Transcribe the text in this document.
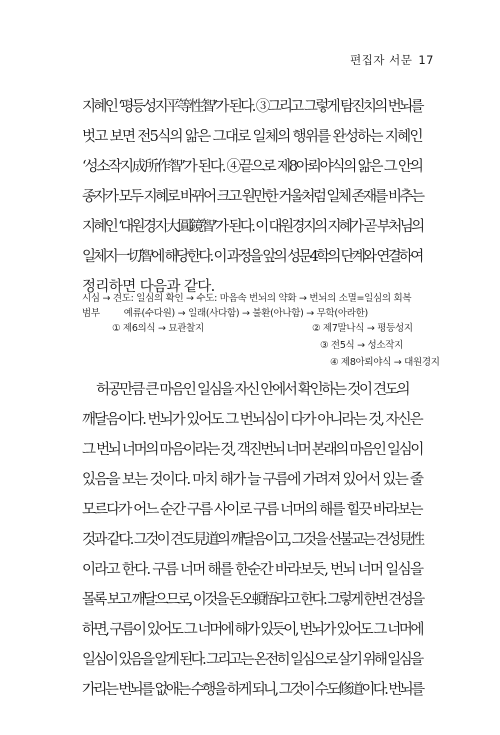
편집자 서문 17

지혜인 ‘평등성지平等性智’가 된다. ③그리고 그렇게 탐진치의 번뇌를
벗고 보면 전5식의 앎은 그대로 일체의 행위를 완성하는 지혜인
‘성소작지成所作智’가 된다. ④끝으로 제8아뢰야식의 앎은 그 안의
종자가 모두 지혜로 바뀌어 크고 원만한 거울처럼 일체 존재를 비추는
지혜인 ‘대원경지大圓鏡智’가 된다. 이 대원경지의 지혜가 곧 부처님의
일체지一切智에 해당한다. 이 과정을 앞의 성문4학의 단계와 연결하여
정리하면 다음과 같다.

시심 → 견도: 일심의 확인 → 수도: 마음속 번뇌의 약화 → 번뇌의 소멸=일심의 회복
범부	예류(수다원) → 일래(사다함) → 불환(아나함) → 무학(아라한)
① 제6의식 → 묘관찰지	② 제7말나식 → 평등성지
③ 전5식 → 성소작지
④ 제8아뢰야식 → 대원경지

허공만큼 큰 마음인 일심을 자신 안에서 확인하는 것이 견도의
깨달음이다. 번뇌가 있어도 그 번뇌심이 다가 아니라는 것, 자신은
그 번뇌 너머의 마음이라는 것, 객진번뇌 너머 본래의 마음인 일심이
있음을 보는 것이다. 마치 해가 늘 구름에 가려져 있어서 있는 줄
모르다가 어느 순간 구름 사이로 구름 너머의 해를 힐끗 바라보는
것과 같다. 그것이 견도見道의 깨달음이고, 그것을 선불교는 견성見性
이라고 한다. 구름 너머 해를 한순간 바라보듯, 번뇌 너머 일심을
몰록 보고 깨달으므로, 이것을 돈오頓悟라고 한다. 그렇게 한번 견성을
하면, 구름이 있어도 그 너머에 해가 있듯이, 번뇌가 있어도 그 너머에
일심이 있음을 알게 된다. 그리고는 온전히 일심으로 살기 위해 일심을
가리는 번뇌를 없애는 수행을 하게 되니, 그것이 수도修道이다. 번뇌를
